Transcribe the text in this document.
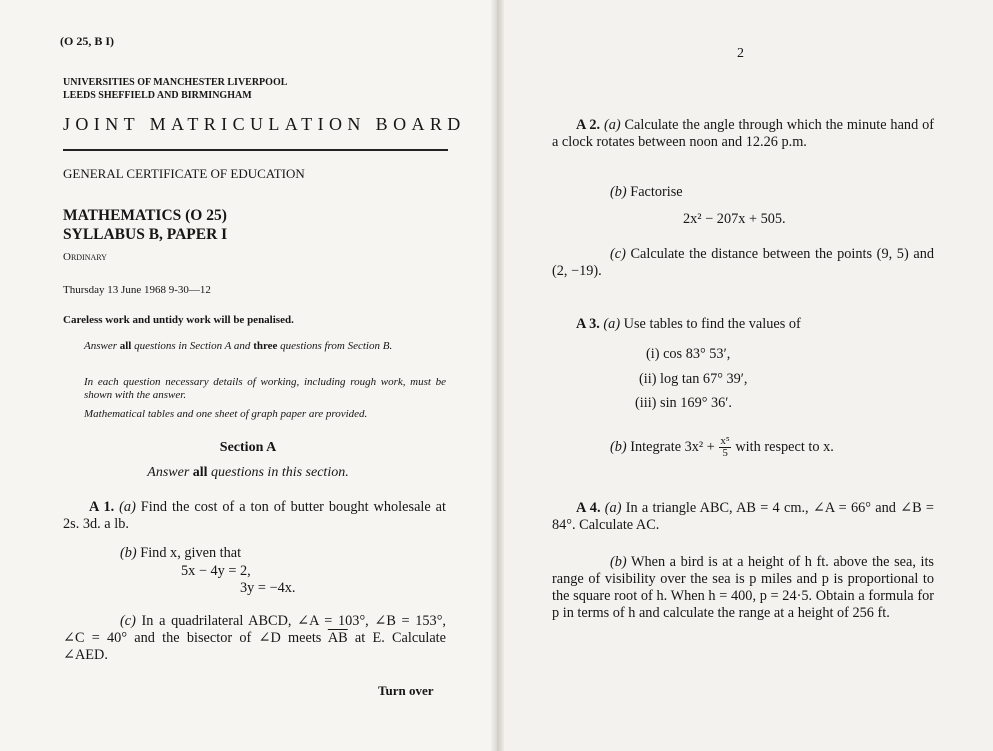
(O 25, B I)
UNIVERSITIES OF MANCHESTER LIVERPOOL
LEEDS SHEFFIELD AND BIRMINGHAM
JOINT MATRICULATION BOARD
GENERAL CERTIFICATE OF EDUCATION
MATHEMATICS (O 25)
SYLLABUS B, PAPER I
Ordinary
Thursday 13 June 1968 9-30—12
Careless work and untidy work will be penalised.
Answer all questions in Section A and three questions from Section B.
In each question necessary details of working, including rough work, must be shown with the answer.
Mathematical tables and one sheet of graph paper are provided.
Section A
Answer all questions in this section.
A 1. (a) Find the cost of a ton of butter bought wholesale at 2s. 3d. a lb.
(b) Find x, given that
5x − 4y = 2,
3y = −4x.
(c) In a quadrilateral ABCD, ∠A = 103°, ∠B = 153°, ∠C = 40° and the bisector of ∠D meets $\overline{AB}$ at E. Calculate ∠AED.
Turn over
2
A 2. (a) Calculate the angle through which the minute hand of a clock rotates between noon and 12.26 p.m.
(b) Factorise
2x² − 207x + 505.
(c) Calculate the distance between the points (9, 5) and (2, −19).
A 3. (a) Use tables to find the values of
(i) cos 83° 53′,
(ii) log tan 67° 39′,
(iii) sin 169° 36′.
(b) Integrate $3x^2 + \frac{\text{x⁵}}{5}$ with respect to x.
A 4. (a) In a triangle ABC, AB = 4 cm., ∠A = 66° and ∠B = 84°. Calculate AC.
(b) When a bird is at a height of h ft. above the sea, its range of visibility over the sea is p miles and p is proportional to the square root of h. When h = 400, p = 24·5. Obtain a formula for p in terms of h and calculate the range at a height of 256 ft.
